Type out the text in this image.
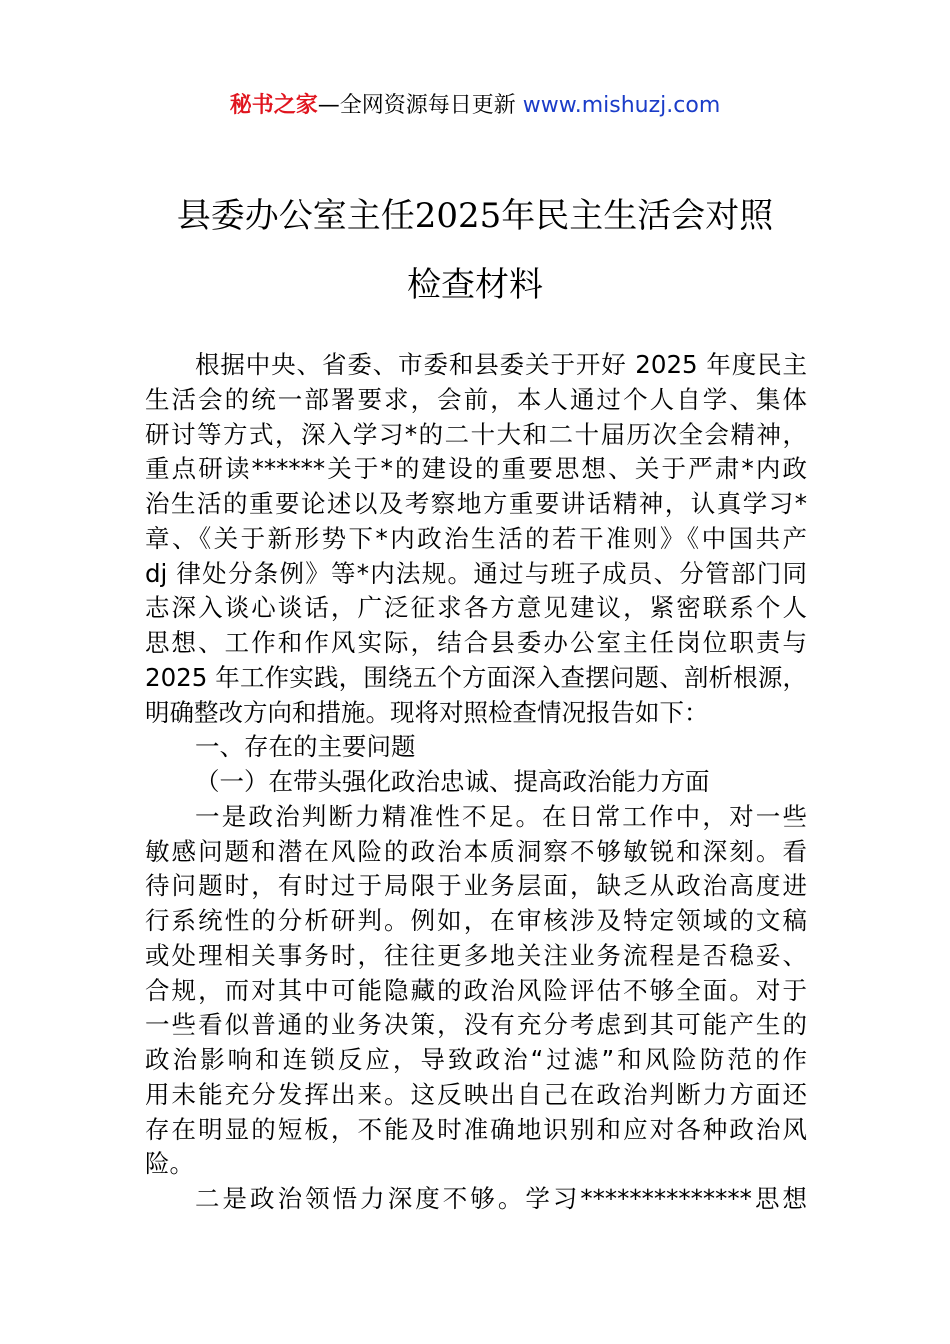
秘书之家—全网资源每日更新 www.mishuzj.com
县委办公室主任2025年民主生活会对照
检查材料
根据中央、省委、市委和县委关于开好 2025 年度民主
生活会的统一部署要求，会前，本人通过个人自学、集体
研讨等方式，深入学习*的二十大和二十届历次全会精神，
重点研读******关于*的建设的重要思想、关于严肃*内政
治生活的重要论述以及考察地方重要讲话精神，认真学习*
章、《关于新形势下*内政治生活的若干准则》《中国共产
dj 律处分条例》等*内法规。通过与班子成员、分管部门同
志深入谈心谈话，广泛征求各方意见建议，紧密联系个人
思想、工作和作风实际，结合县委办公室主任岗位职责与
2025 年工作实践，围绕五个方面深入查摆问题、剖析根源，
明确整改方向和措施。现将对照检查情况报告如下：
一、存在的主要问题
（一）在带头强化政治忠诚、提高政治能力方面
一是政治判断力精准性不足。在日常工作中，对一些
敏感问题和潜在风险的政治本质洞察不够敏锐和深刻。看
待问题时，有时过于局限于业务层面，缺乏从政治高度进
行系统性的分析研判。例如，在审核涉及特定领域的文稿
或处理相关事务时，往往更多地关注业务流程是否稳妥、
合规，而对其中可能隐藏的政治风险评估不够全面。对于
一些看似普通的业务决策，没有充分考虑到其可能产生的
政治影响和连锁反应，导致政治“过滤”和风险防范的作
用未能充分发挥出来。这反映出自己在政治判断力方面还
存在明显的短板，不能及时准确地识别和应对各种政治风
险。
二是政治领悟力深度不够。学习**************思想
